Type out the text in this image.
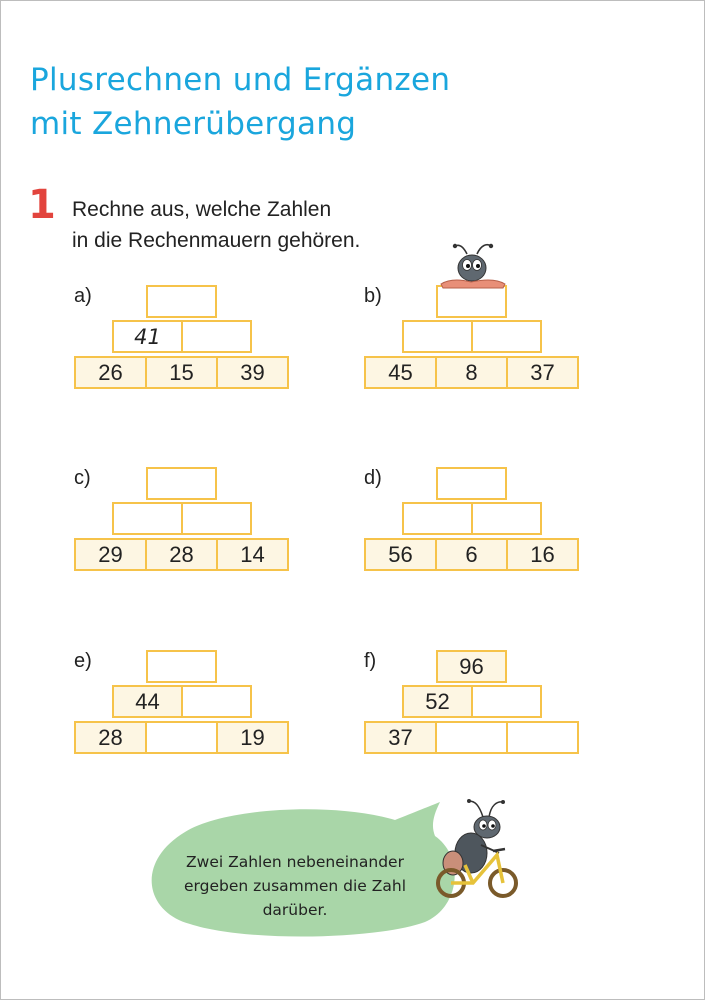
Plusrechnen und Ergänzen
mit Zehnerübergang
1 Rechne aus, welche Zahlen
in die Rechenmauern gehören.
a)
41
26	15	39
b)
45	8	37
c)
29	28	14
d)
56	6	16
e)
44
28	19
f)	96
52
37
Zwei Zahlen nebeneinander
ergeben zusammen die Zahl
darüber.
